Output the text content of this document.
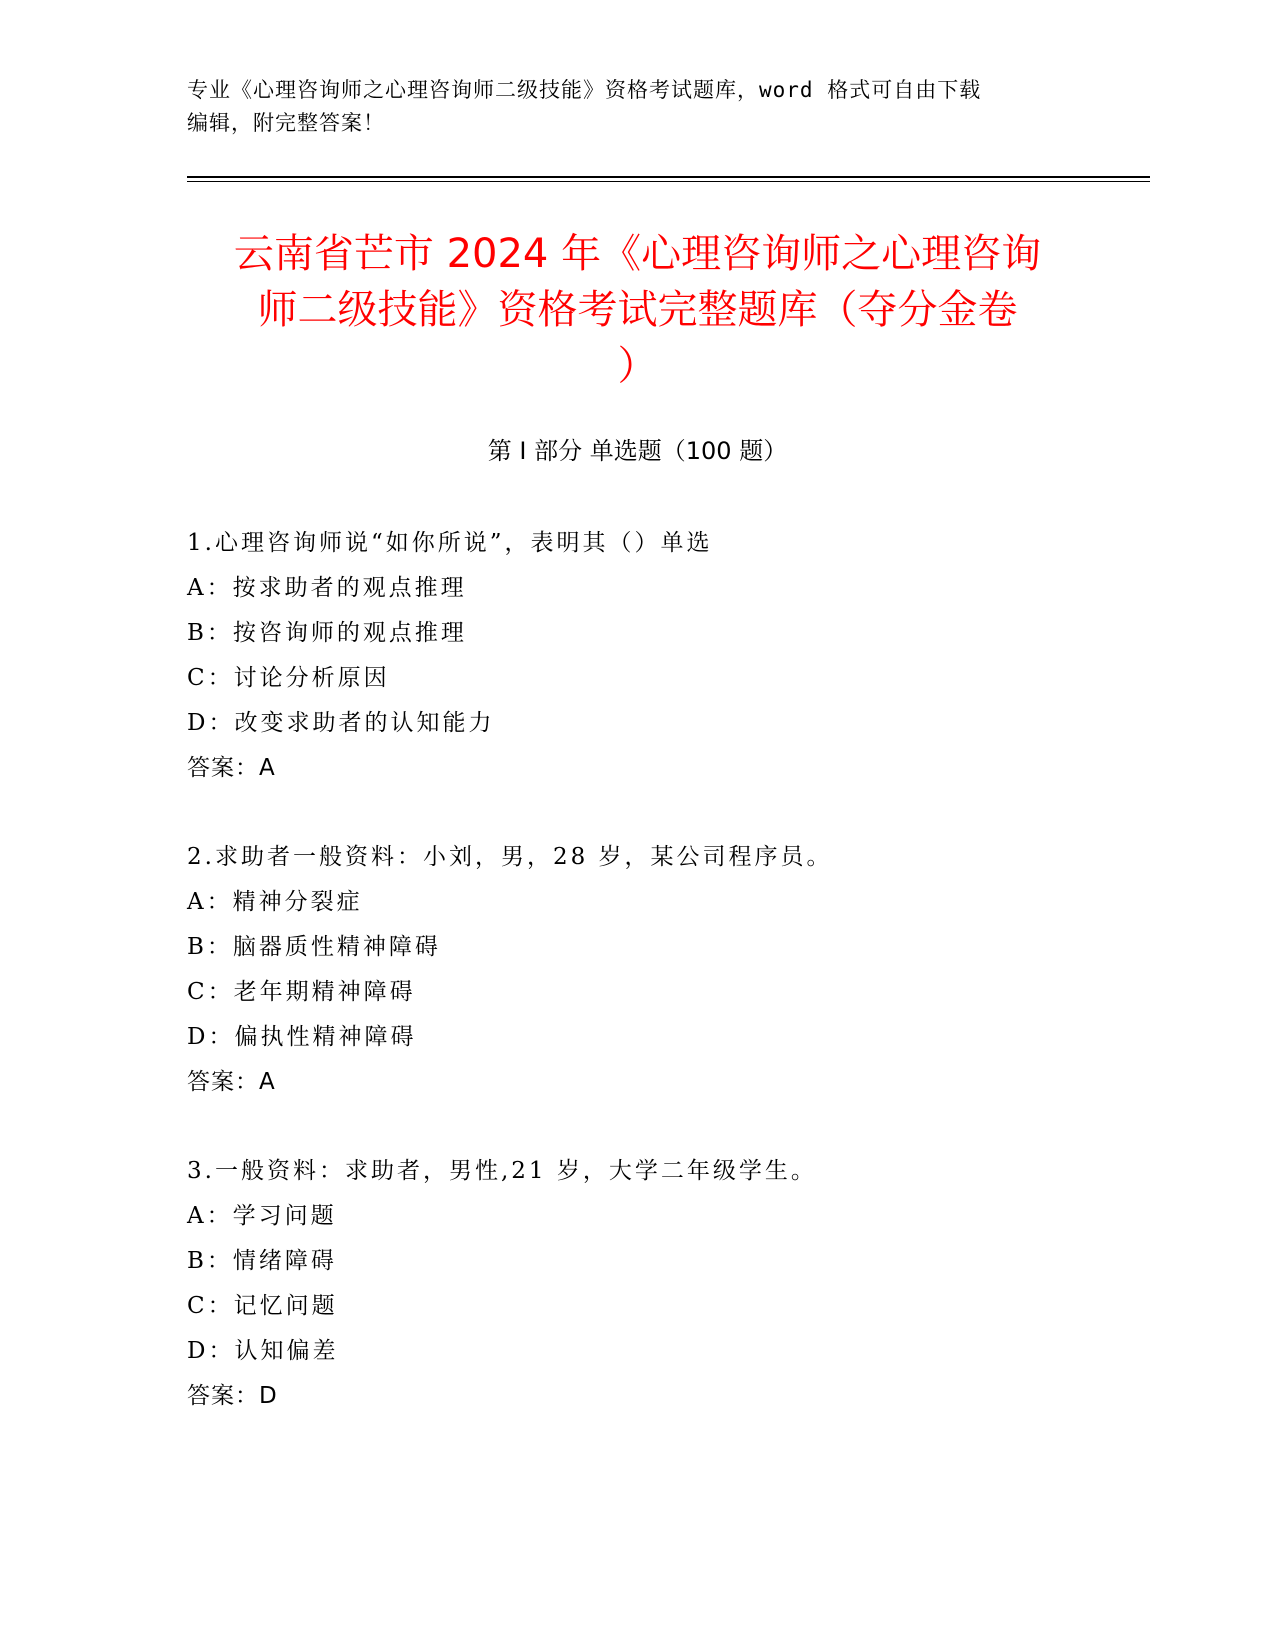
专业《心理咨询师之心理咨询师二级技能》资格考试题库，word 格式可自由下载
编辑，附完整答案！
云南省芒市 2024 年《心理咨询师之心理咨询
师二级技能》资格考试完整题库（夺分金卷
）
第 I 部分 单选题（100 题）
1.心理咨询师说“如你所说”，表明其（）单选
A：按求助者的观点推理
B：按咨询师的观点推理
C：讨论分析原因
D：改变求助者的认知能力
答案：A
2.求助者一般资料：小刘，男，28 岁，某公司程序员。
A：精神分裂症
B：脑器质性精神障碍
C：老年期精神障碍
D：偏执性精神障碍
答案：A
3.一般资料：求助者，男性,21 岁，大学二年级学生。
A：学习问题
B：情绪障碍
C：记忆问题
D：认知偏差
答案：D
